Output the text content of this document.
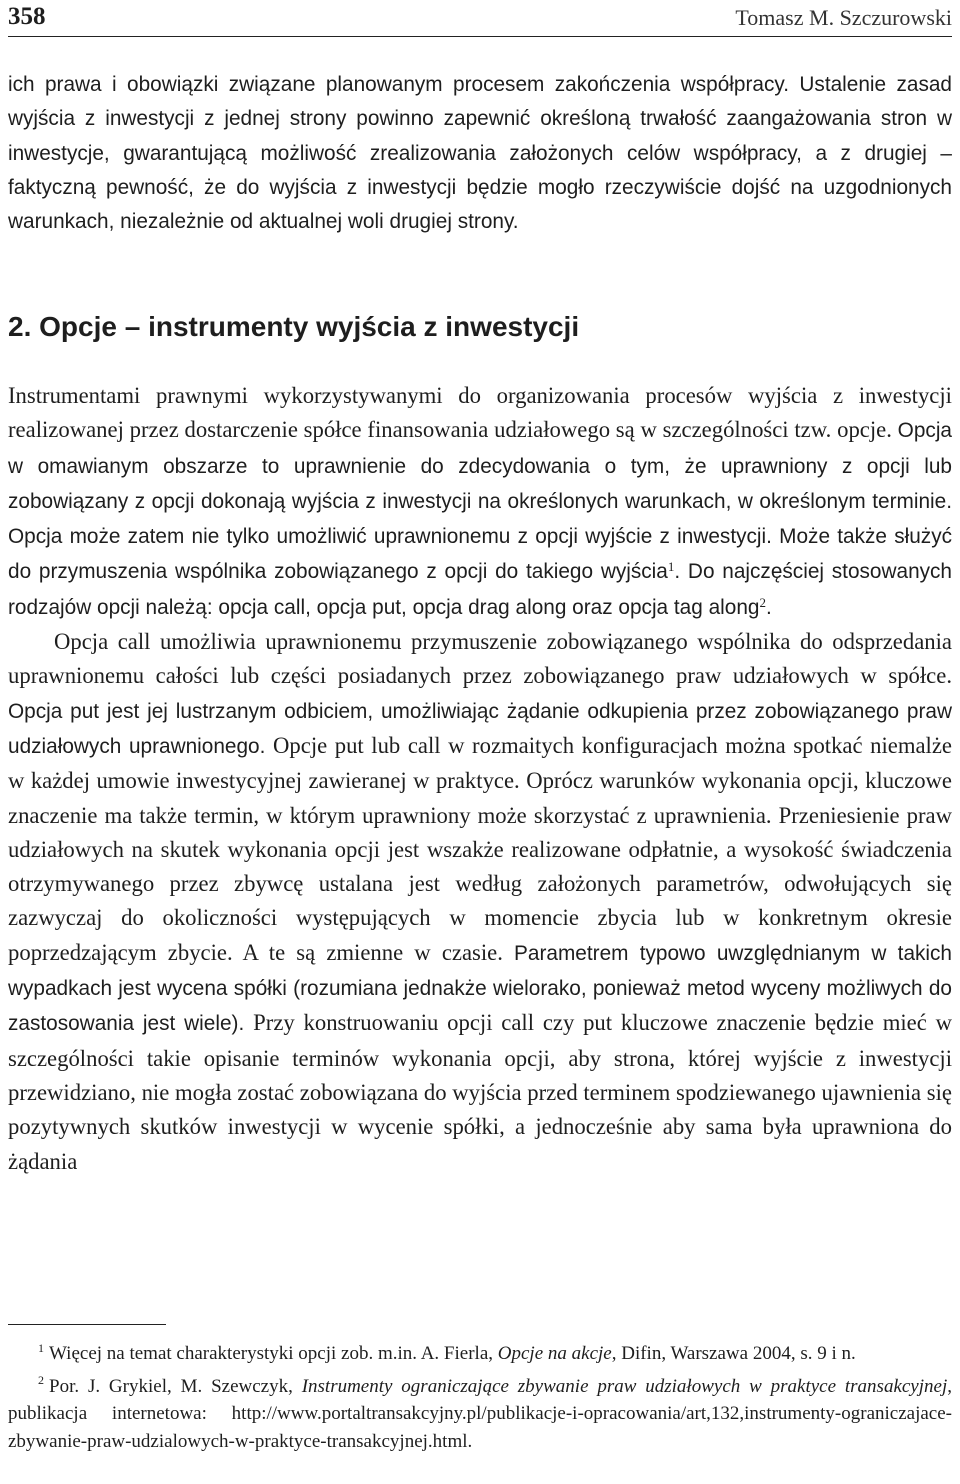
358	Tomasz M. Szczurowski

ich prawa i obowiązki związane planowanym procesem zakończenia współpracy. Ustalenie zasad wyjścia z inwestycji z jednej strony powinno zapewnić określoną trwałość zaangażowania stron w inwestycje, gwarantującą możliwość zrealizowania założonych celów współpracy, a z drugiej – faktyczną pewność, że do wyjścia z inwestycji będzie mogło rzeczywiście dojść na uzgodnionych warunkach, niezależnie od aktualnej woli drugiej strony.

2. Opcje – instrumenty wyjścia z inwestycji

Instrumentami prawnymi wykorzystywanymi do organizowania procesów wyjścia z inwestycji realizowanej przez dostarczenie spółce finansowania udziałowego są w szczególności tzw. opcje. Opcja w omawianym obszarze to uprawnienie do zdecydowania o tym, że uprawniony z opcji lub zobowiązany z opcji dokonają wyjścia z inwestycji na określonych warunkach, w określonym terminie. Opcja może zatem nie tylko umożliwić uprawnionemu z opcji wyjście z inwestycji. Może także służyć do przymuszenia wspólnika zobowiązanego z opcji do takiego wyjścia$^1$. Do najczęściej stosowanych rodzajów opcji należą: opcja call, opcja put, opcja drag along oraz opcja tag along$^2$.

Opcja call umożliwia uprawnionemu przymuszenie zobowiązanego wspólnika do odsprzedania uprawnionemu całości lub części posiadanych przez zobowiązanego praw udziałowych w spółce. Opcja put jest jej lustrzanym odbiciem, umożliwiając żądanie odkupienia przez zobowiązanego praw udziałowych uprawnionego. Opcje put lub call w rozmaitych konfiguracjach można spotkać niemalże w każdej umowie inwestycyjnej zawieranej w praktyce. Oprócz warunków wykonania opcji, kluczowe znaczenie ma także termin, w którym uprawniony może skorzystać z uprawnienia. Przeniesienie praw udziałowych na skutek wykonania opcji jest wszakże realizowane odpłatnie, a wysokość świadczenia otrzymywanego przez zbywcę ustalana jest według założonych parametrów, odwołujących się zazwyczaj do okoliczności występujących w momencie zbycia lub w konkretnym okresie poprzedzającym zbycie. A te są zmienne w czasie. Parametrem typowo uwzględnianym w takich wypadkach jest wycena spółki (rozumiana jednakże wielorako, ponieważ metod wyceny możliwych do zastosowania jest wiele). Przy konstruowaniu opcji call czy put kluczowe znaczenie będzie mieć w szczególności takie opisanie terminów wykonania opcji, aby strona, której wyjście z inwestycji przewidziano, nie mogła zostać zobowiązana do wyjścia przed terminem spodziewanego ujawnienia się pozytywnych skutków inwestycji w wycenie spółki, a jednocześnie aby sama była uprawniona do żądania

$^1$ Więcej na temat charakterystyki opcji zob. m.in. A. Fierla, Opcje na akcje, Difin, Warszawa 2004, s. 9 i n.

$^2$ Por. J. Grykiel, M. Szewczyk, Instrumenty ograniczające zbywanie praw udziałowych w praktyce transakcyjnej, publikacja internetowa: http://www.portaltransakcyjny.pl/publikacje-i-opracowania/art,132,instrumenty-ograniczajace-zbywanie-praw-udzialowych-w-praktyce-transakcyjnej.html.
